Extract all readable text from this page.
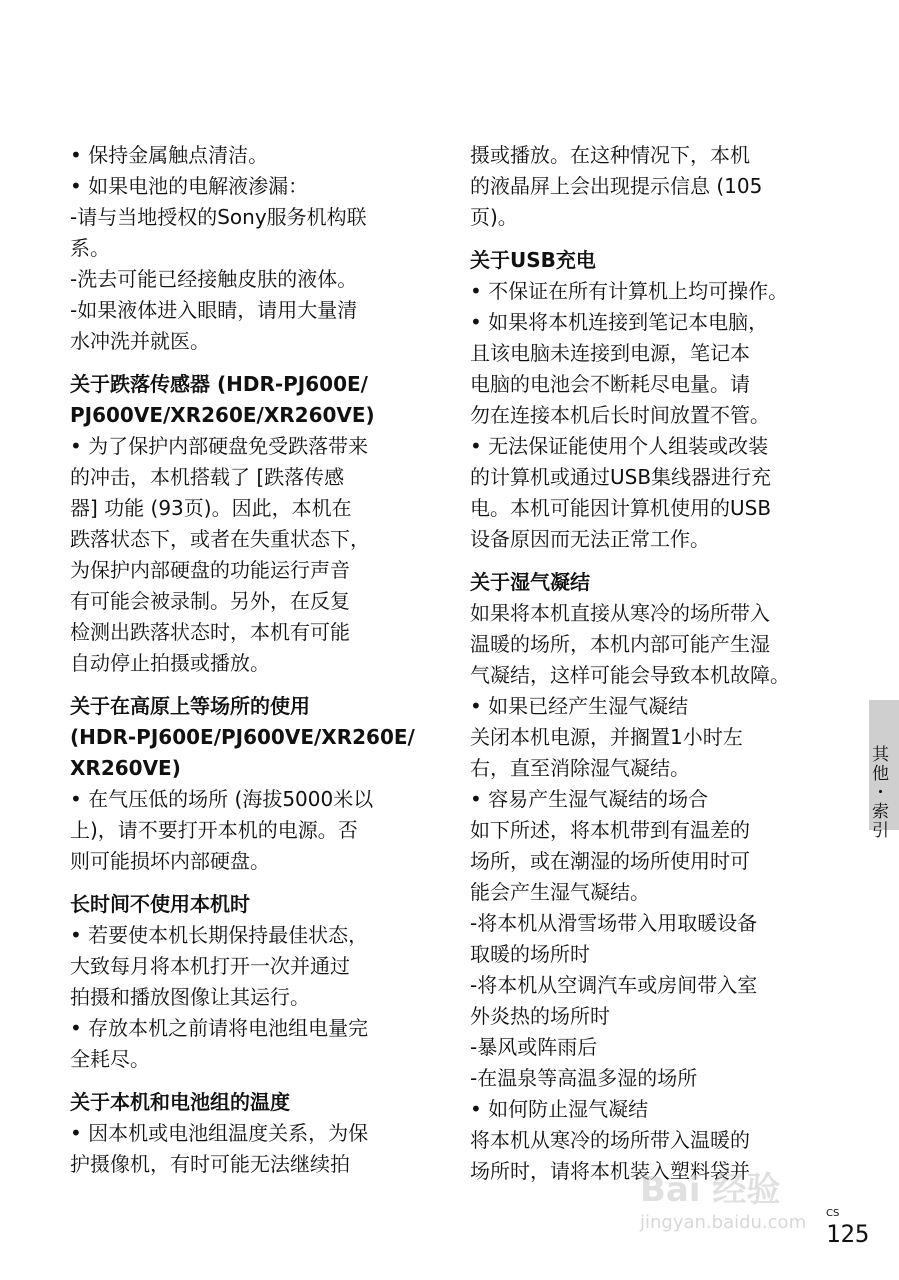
• 保持金属触点清洁。
• 如果电池的电解液渗漏：
-请与当地授权的Sony服务机构联
系。
-洗去可能已经接触皮肤的液体。
-如果液体进入眼睛，请用大量清
水冲洗并就医。
关于跌落传感器 (HDR-PJ600E/
PJ600VE/XR260E/XR260VE)
• 为了保护内部硬盘免受跌落带来
的冲击，本机搭载了 [跌落传感
器] 功能 (93页)。因此，本机在
跌落状态下，或者在失重状态下，
为保护内部硬盘的功能运行声音
有可能会被录制。另外，在反复
检测出跌落状态时，本机有可能
自动停止拍摄或播放。
关于在高原上等场所的使用
(HDR-PJ600E/PJ600VE/XR260E/
XR260VE)
• 在气压低的场所 (海拔5000米以
上)，请不要打开本机的电源。否
则可能损坏内部硬盘。
长时间不使用本机时
• 若要使本机长期保持最佳状态，
大致每月将本机打开一次并通过
拍摄和播放图像让其运行。
• 存放本机之前请将电池组电量完
全耗尽。
关于本机和电池组的温度
• 因本机或电池组温度关系，为保
护摄像机，有时可能无法继续拍
摄或播放。在这种情况下，本机
的液晶屏上会出现提示信息 (105
页)。
关于USB充电
• 不保证在所有计算机上均可操作。
• 如果将本机连接到笔记本电脑，
且该电脑未连接到电源，笔记本
电脑的电池会不断耗尽电量。请
勿在连接本机后长时间放置不管。
• 无法保证能使用个人组装或改装
的计算机或通过USB集线器进行充
电。本机可能因计算机使用的USB
设备原因而无法正常工作。
关于湿气凝结
如果将本机直接从寒冷的场所带入
温暖的场所，本机内部可能产生湿
气凝结，这样可能会导致本机故障。
• 如果已经产生湿气凝结
关闭本机电源，并搁置1小时左
右，直至消除湿气凝结。
• 容易产生湿气凝结的场合
如下所述，将本机带到有温差的
场所，或在潮湿的场所使用时可
能会产生湿气凝结。
-将本机从滑雪场带入用取暖设备
取暖的场所时
-将本机从空调汽车或房间带入室
外炎热的场所时
-暴风或阵雨后
-在温泉等高温多湿的场所
• 如何防止湿气凝结
将本机从寒冷的场所带入温暖的
场所时，请将本机装入塑料袋并
其他・索引
Bai 经验
jingyan.baidu.com CS
125
